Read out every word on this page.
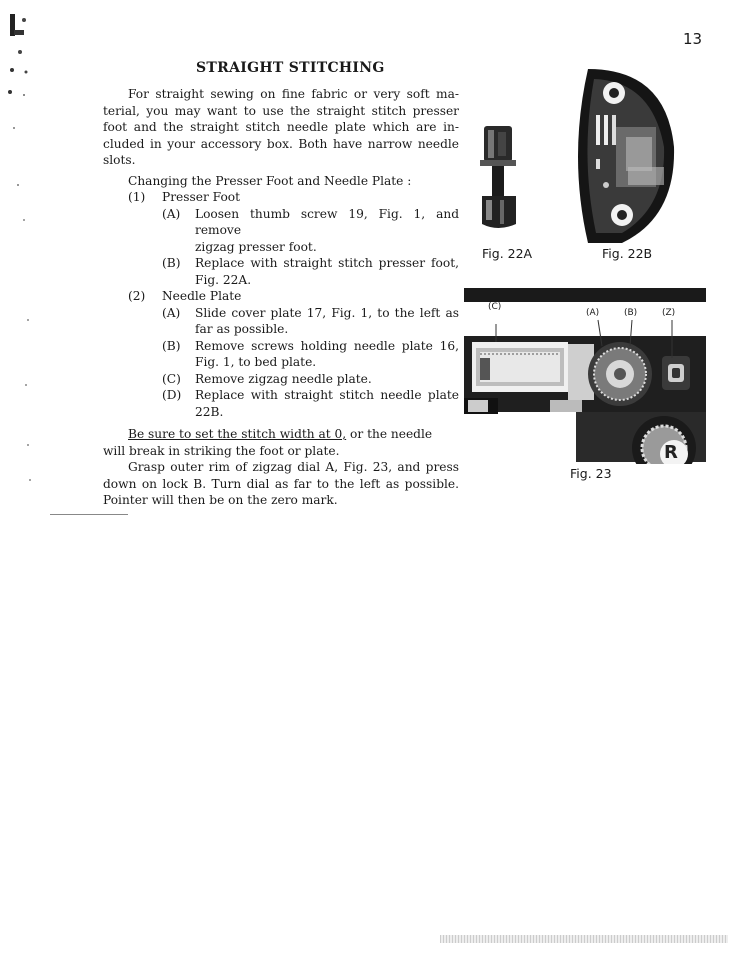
13
STRAIGHT STITCHING

For straight sewing on fine fabric or very soft ma-

terial, you may want to use the straight stitch presser

foot and the straight stitch needle plate which are in-

cluded in your accessory box. Both have narrow needle

slots.

Changing the Presser Foot and Needle Plate :

(1)	Presser Foot
(A)	Loosen thumb screw 19, Fig. 1, and remove

zigzag presser foot.

(B)	Replace with straight stitch presser foot,

Fig. 22A.

(2)	Needle Plate
(A)	Slide cover plate 17, Fig. 1, to the left as

far as possible.

(B)	Remove screws holding needle plate 16,

Fig. 1, to bed plate.

(C)	Remove zigzag needle plate.
(D)	Replace with straight stitch needle plate

22B.

Be sure to set the stitch width at 0, or the needle

will break in striking the foot or plate.

Grasp outer rim of zigzag dial A, Fig. 23, and press

down on lock B. Turn dial as far to the left as possible.

Pointer will then be on the zero mark.

Fig. 22A	Fig. 22B
(C)
(A)	(B)	(Z)
R
Fig. 23
